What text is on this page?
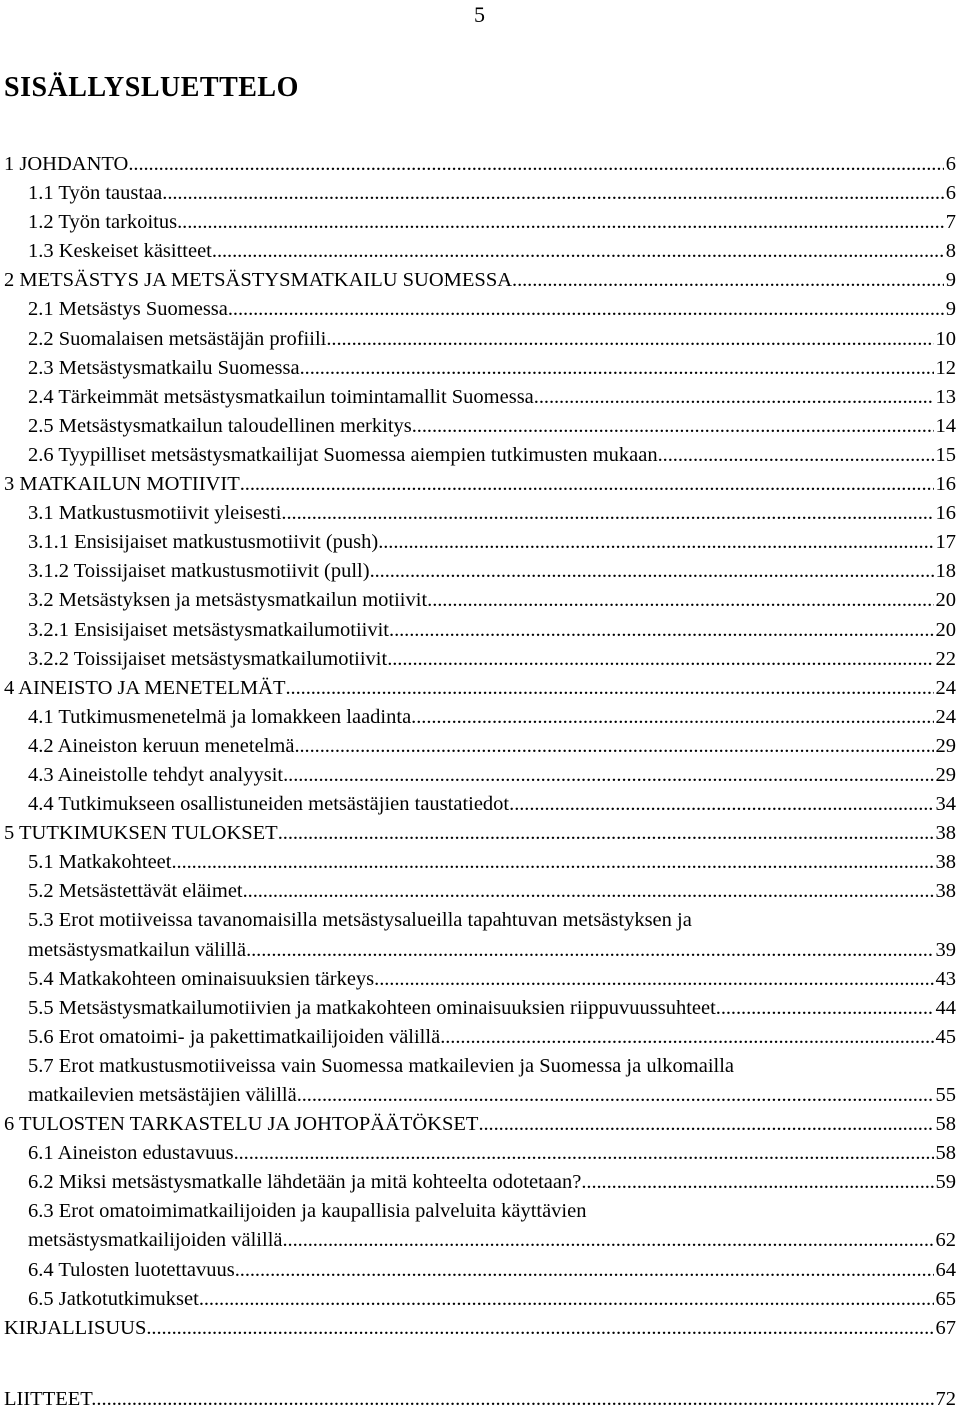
5
SISÄLLYSLUETTELO
1 JOHDANTO . . .	6
1.1 Työn taustaa . . .	6
1.2 Työn tarkoitus . . .	7
1.3 Keskeiset käsitteet . . .	8
2 METSÄSTYS JA METSÄSTYSMATKAILU SUOMESSA . . .	9
2.1 Metsästys Suomessa . . .	9
2.2 Suomalaisen metsästäjän profiili . . .	10
2.3 Metsästysmatkailu Suomessa . . .	12
2.4 Tärkeimmät metsästysmatkailun toimintamallit Suomessa . . .	13
2.5 Metsästysmatkailun taloudellinen merkitys . . .	14
2.6 Tyypilliset metsästysmatkailijat Suomessa aiempien tutkimusten mukaan . . .	15
3 MATKAILUN MOTIIVIT . . .	16
3.1 Matkustusmotiivit yleisesti . . .	16
3.1.1 Ensisijaiset matkustusmotiivit (push) . . .	17
3.1.2 Toissijaiset matkustusmotiivit (pull) . . .	18
3.2 Metsästyksen ja metsästysmatkailun motiivit . . .	20
3.2.1 Ensisijaiset metsästysmatkailumotiivit . . .	20
3.2.2 Toissijaiset metsästysmatkailumotiivit . . .	22
4 AINEISTO JA MENETELMÄT . . .	24
4.1 Tutkimusmenetelmä ja lomakkeen laadinta . . .	24
4.2 Aineiston keruun menetelmä . . .	29
4.3 Aineistolle tehdyt analyysit . . .	29
4.4 Tutkimukseen osallistuneiden metsästäjien taustatiedot . . .	34
5 TUTKIMUKSEN TULOKSET . . .	38
5.1 Matkakohteet . . .	38
5.2 Metsästettävät eläimet . . .	38
5.3 Erot motiiveissa tavanomaisilla metsästysalueilla tapahtuvan metsästyksen ja
metsästysmatkailun välillä . . .	39
5.4 Matkakohteen ominaisuuksien tärkeys . . .	43
5.5 Metsästysmatkailumotiivien ja matkakohteen ominaisuuksien riippuvuussuhteet . . .	44
5.6 Erot omatoimi- ja pakettimatkailijoiden välillä . . .	45
5.7 Erot matkustusmotiiveissa vain Suomessa matkailevien ja Suomessa ja ulkomailla
matkailevien metsästäjien välillä . . .	55
6 TULOSTEN TARKASTELU JA JOHTOPÄÄTÖKSET . . .	58
6.1 Aineiston edustavuus . . .	58
6.2 Miksi metsästysmatkalle lähdetään ja mitä kohteelta odotetaan? . . .	59
6.3 Erot omatoimimatkailijoiden ja kaupallisia palveluita käyttävien
metsästysmatkailijoiden välillä . . .	62
6.4 Tulosten luotettavuus . . .	64
6.5 Jatkotutkimukset . . .	65
KIRJALLISUUS . . .	67
LIITTEET... . . .	72
